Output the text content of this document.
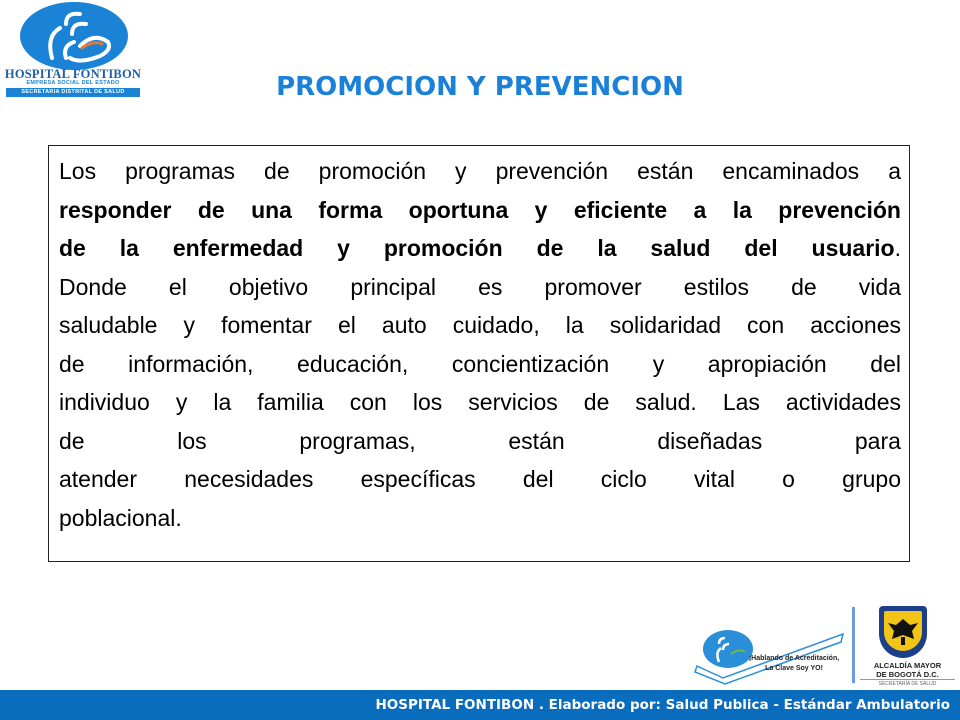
HOSPITAL FONTIBON
EMPRESA SOCIAL DEL ESTADO
SECRETARIA DISTRITAL DE SALUD	PROMOCION Y PREVENCION
Los programas de promoción y prevención están encaminados a
responder de una forma oportuna y eficiente a la prevención
de la enfermedad y promoción de la salud del usuario.
Donde el objetivo principal es promover estilos de vida
saludable y fomentar el auto cuidado, la solidaridad con acciones
de información, educación, concientización y apropiación del
individuo y la familia con los servicios de salud. Las actividades
de	los	programas,	están	diseñadas	para
atender necesidades específicas del ciclo vital o grupo
poblacional.
¡Hablando de Acreditación,
La Clave Soy YO!	ALCALDÍA MAYOR
DE BOGOTÁ D.C.
SECRETARÍA DE SALUD
HOSPITAL FONTIBON . Elaborado por: Salud Publica - Estándar Ambulatorio
